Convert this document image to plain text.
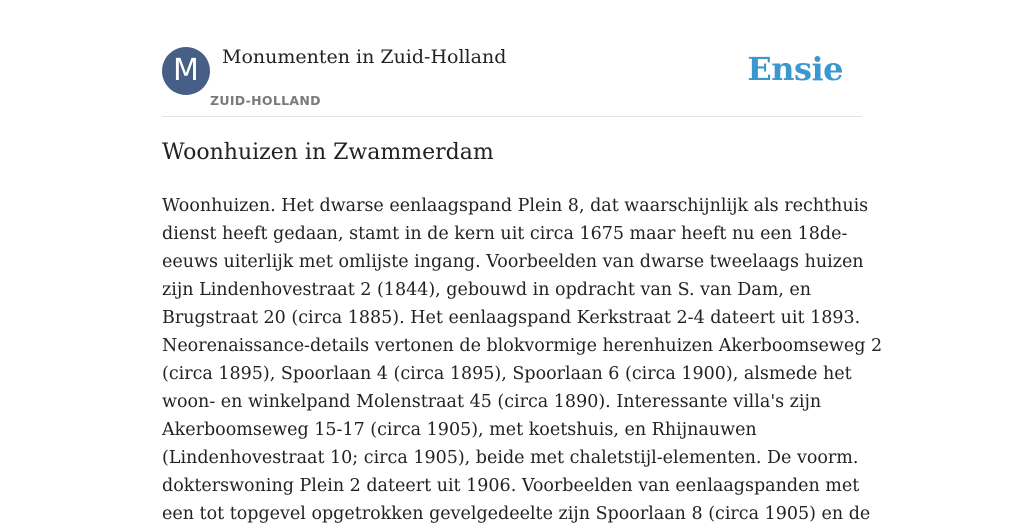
M	Monumenten in Zuid-Holland
ZUID-HOLLAND
Ensie
Woonhuizen in Zwammerdam
Woonhuizen. Het dwarse eenlaagspand Plein 8, dat waarschijnlijk als rechthuis
dienst heeft gedaan, stamt in de kern uit circa 1675 maar heeft nu een 18de-
eeuws uiterlijk met omlijste ingang. Voorbeelden van dwarse tweelaags huizen
zijn Lindenhovestraat 2 (1844), gebouwd in opdracht van S. van Dam, en
Brugstraat 20 (circa 1885). Het eenlaagspand Kerkstraat 2-4 dateert uit 1893.
Neorenaissance-details vertonen de blokvormige herenhuizen Akerboomseweg 2
(circa 1895), Spoorlaan 4 (circa 1895), Spoorlaan 6 (circa 1900), alsmede het
woon- en winkelpand Molenstraat 45 (circa 1890). Interessante villa's zijn
Akerboomseweg 15-17 (circa 1905), met koetshuis, en Rhijnauwen
(Lindenhovestraat 10; circa 1905), beide met chaletstijl-elementen. De voorm.
dokterswoning Plein 2 dateert uit 1906. Voorbeelden van eenlaagspanden met
een tot topgevel opgetrokken gevelgedeelte zijn Spoorlaan 8 (circa 1905) en de
